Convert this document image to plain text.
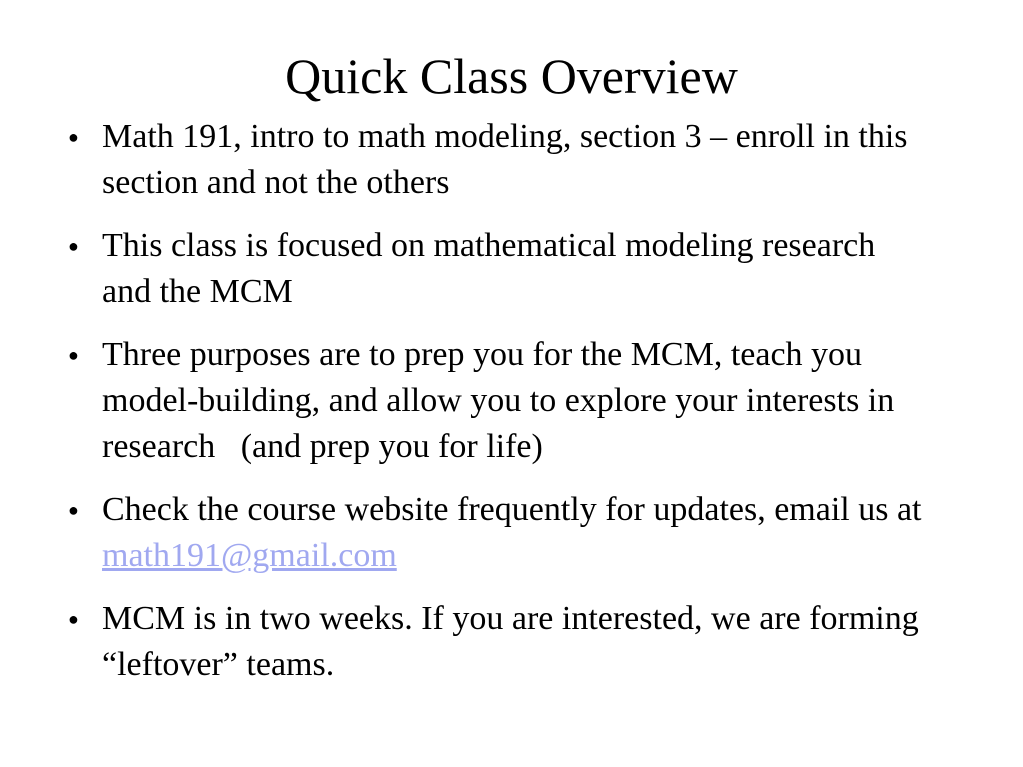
Quick Class Overview
● Math 191, intro to math modeling, section 3 – enroll in this section and not the others
● This class is focused on mathematical modeling research and the MCM
● Three purposes are to prep you for the MCM, teach you model-building, and allow you to explore your interests in research   (and prep you for life)
● Check the course website frequently for updates, email us at math191@gmail.com
● MCM is in two weeks. If you are interested, we are forming “leftover” teams.
